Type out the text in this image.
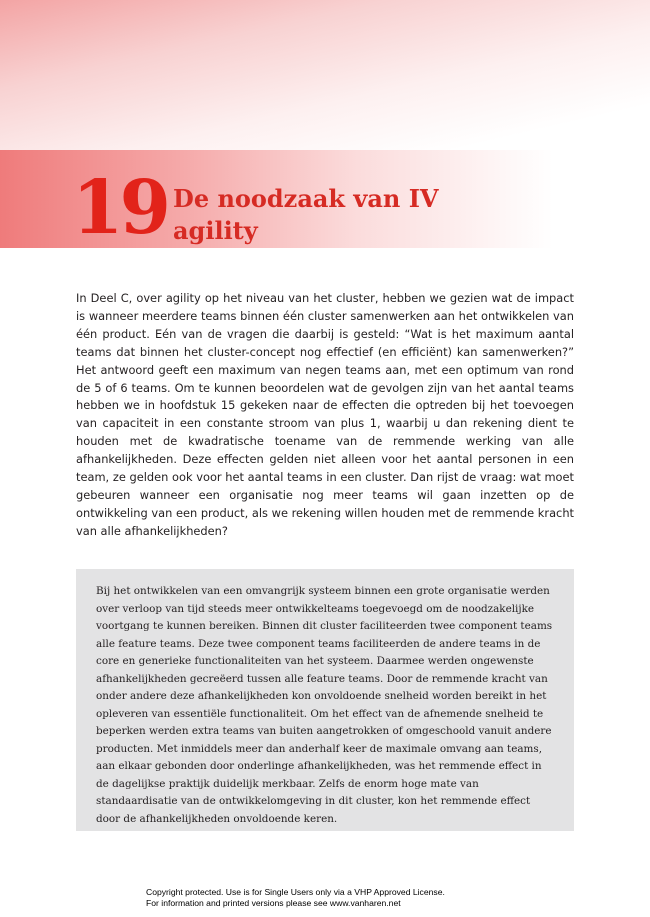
19 De noodzaak van IV
agility

In Deel C, over agility op het niveau van het cluster, hebben we gezien wat de impact is wanneer meerdere teams binnen één cluster samenwerken aan het ontwikkelen van één product. Eén van de vragen die daarbij is gesteld: “Wat is het maximum aantal teams dat binnen het cluster-concept nog effectief (en efficiënt) kan samenwerken?” Het antwoord geeft een maximum van negen teams aan, met een optimum van rond de 5 of 6 teams. Om te kunnen beoordelen wat de gevolgen zijn van het aantal teams hebben we in hoofdstuk 15 gekeken naar de effecten die optreden bij het toevoegen van capaciteit in een constante stroom van plus 1, waarbij u dan rekening dient te houden met de kwadratische toename van de remmende werking van alle afhankelijkheden. Deze effecten gelden niet alleen voor het aantal personen in een team, ze gelden ook voor het aantal teams in een cluster. Dan rijst de vraag: wat moet gebeuren wanneer een organisatie nog meer teams wil gaan inzetten op de ontwikkeling van een product, als we rekening willen houden met de remmende kracht van alle afhankelijkheden?

Bij het ontwikkelen van een omvangrijk systeem binnen een grote organisatie werden over verloop van tijd steeds meer ontwikkelteams toegevoegd om de noodzakelijke voortgang te kunnen bereiken. Binnen dit cluster faciliteerden twee component teams alle feature teams. Deze twee component teams faciliteerden de andere teams in de core en generieke functionaliteiten van het systeem. Daarmee werden ongewenste afhankelijkheden gecreëerd tussen alle feature teams. Door de remmende kracht van onder andere deze afhankelijkheden kon onvoldoende snelheid worden bereikt in het opleveren van essentiële functionaliteit. Om het effect van de afnemende snelheid te beperken werden extra teams van buiten aangetrokken of omgeschoold vanuit andere producten. Met inmiddels meer dan anderhalf keer de maximale omvang aan teams, aan elkaar gebonden door onderlinge afhankelijkheden, was het remmende effect in de dagelijkse praktijk duidelijk merkbaar. Zelfs de enorm hoge mate van standaardisatie van de ontwikkelomgeving in dit cluster, kon het remmende effect door de afhankelijkheden onvoldoende keren.

Copyright protected. Use is for Single Users only via a VHP Approved License.
For information and printed versions please see www.vanharen.net
